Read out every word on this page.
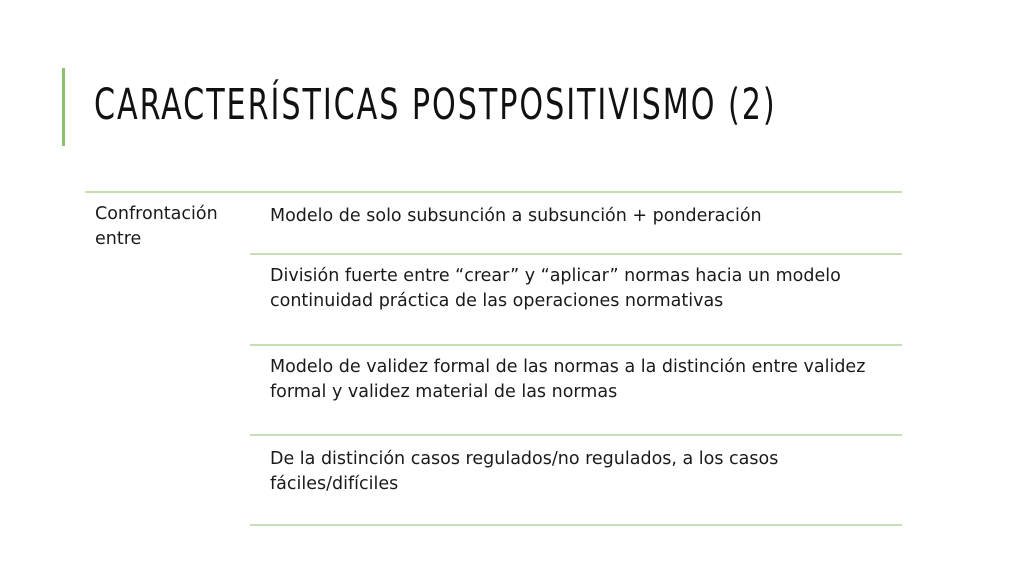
CARACTERÍSTICAS POSTPOSITIVISMO (2)
Confrontación entre
Modelo de solo subsunción a subsunción + ponderación
División fuerte entre “crear” y “aplicar” normas hacia un modelo continuidad práctica de las operaciones normativas
Modelo de validez formal de las normas a la distinción entre validez formal y validez material de las normas
De la distinción casos regulados/no regulados, a los casos fáciles/difíciles
